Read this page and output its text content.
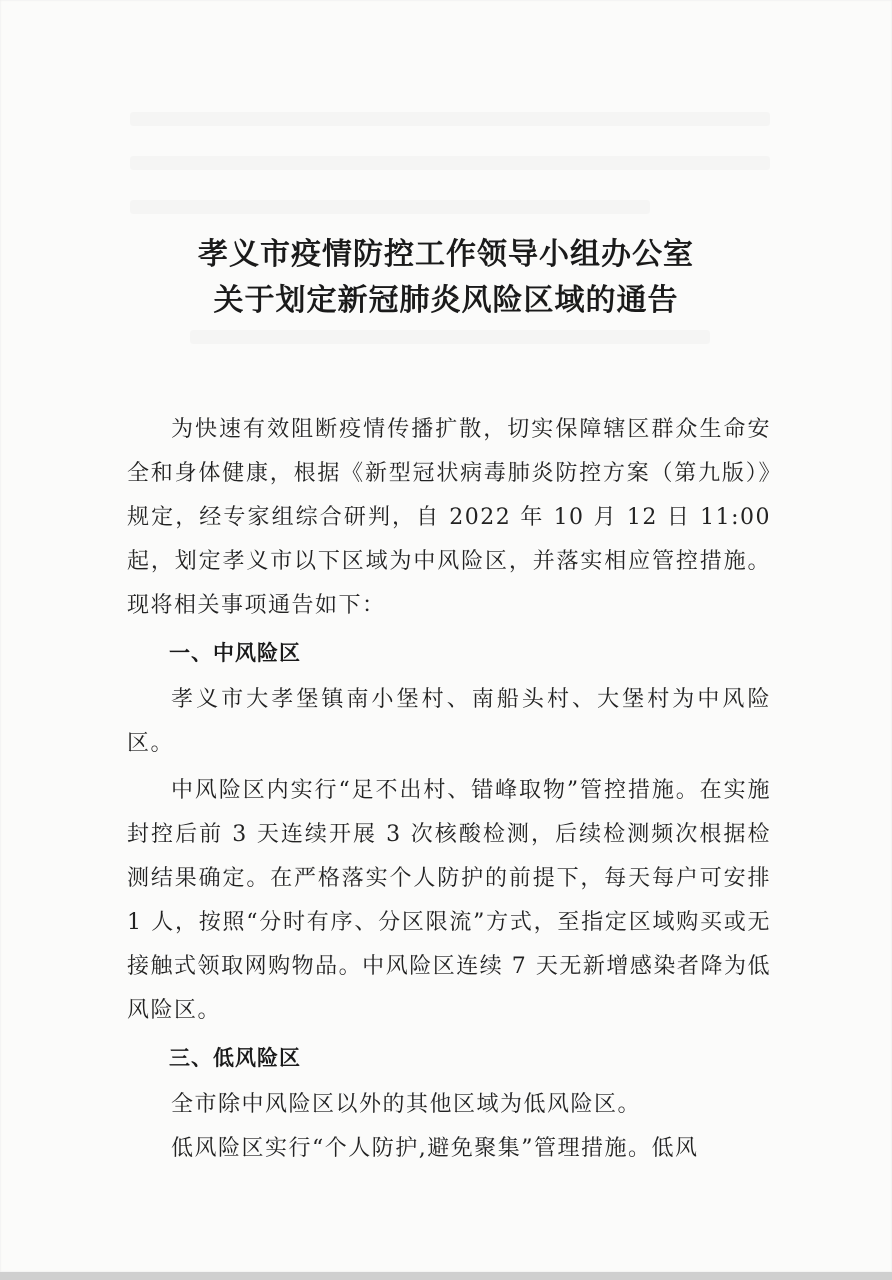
孝义市疫情防控工作领导小组办公室
关于划定新冠肺炎风险区域的通告

为快速有效阻断疫情传播扩散，切实保障辖区群众生命安全和身体健康，根据《新型冠状病毒肺炎防控方案（第九版）》规定，经专家组综合研判，自 2022 年 10 月 12 日 11:00 起，划定孝义市以下区域为中风险区，并落实相应管控措施。现将相关事项通告如下：

一、中风险区

孝义市大孝堡镇南小堡村、南船头村、大堡村为中风险区。

中风险区内实行“足不出村、错峰取物”管控措施。在实施封控后前 3 天连续开展 3 次核酸检测，后续检测频次根据检测结果确定。在严格落实个人防护的前提下，每天每户可安排 1 人，按照“分时有序、分区限流”方式，至指定区域购买或无接触式领取网购物品。中风险区连续 7 天无新增感染者降为低风险区。

三、低风险区

全市除中风险区以外的其他区域为低风险区。

低风险区实行“个人防护,避免聚集”管理措施。低风
